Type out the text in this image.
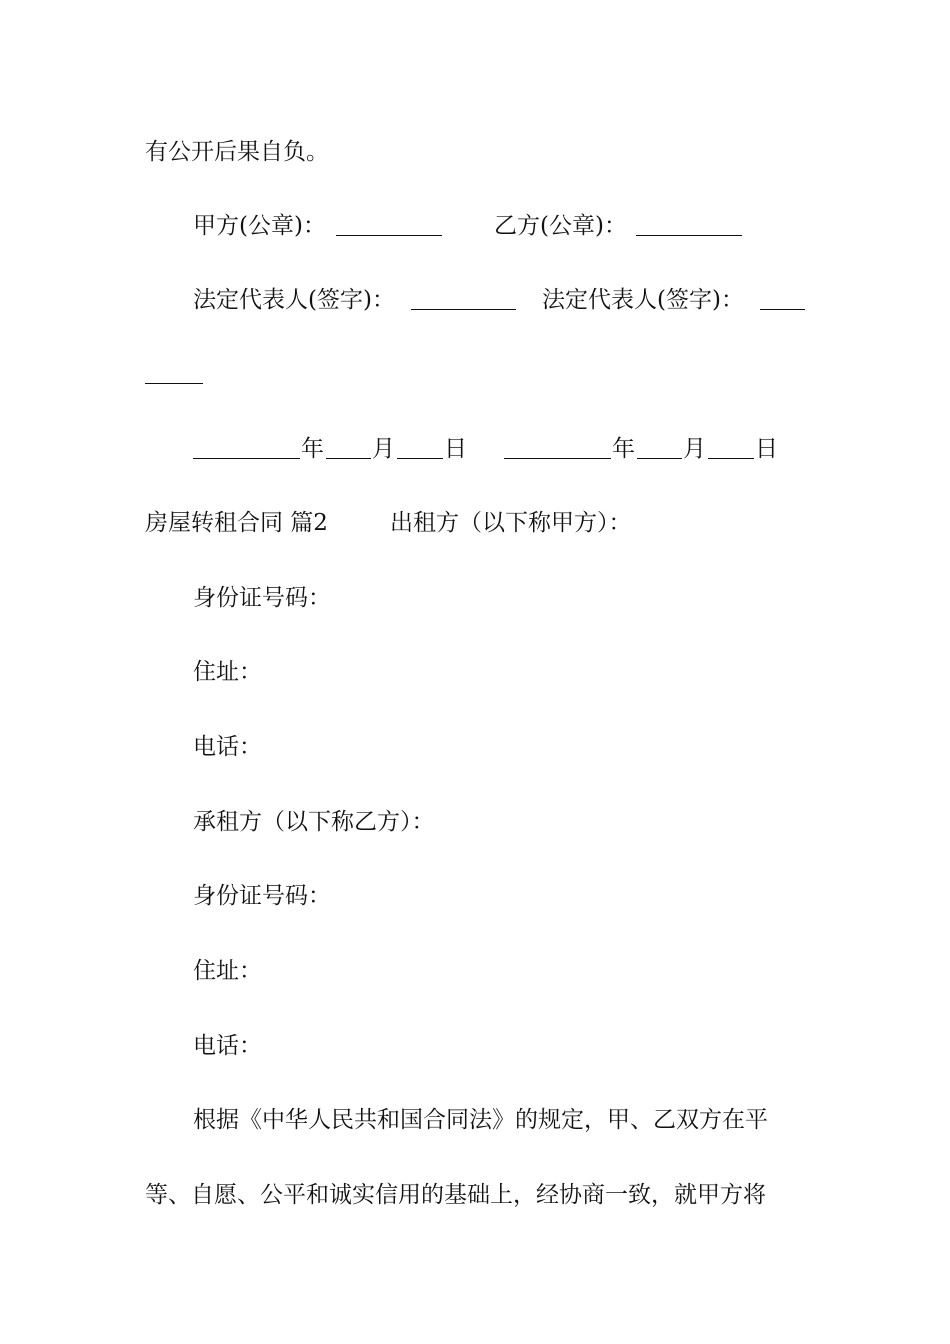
有公开后果自负。
甲方(公章)：	乙方(公章)：
法定代表人(签字)：	法定代表人(签字)：
年 月 日	年 月 日
房屋转租合同 篇2	出租方（以下称甲方）：
身份证号码：
住址：
电话：
承租方（以下称乙方）：
身份证号码：
住址：
电话：
根据《中华人民共和国合同法》的规定，甲、乙双方在平
等、自愿、公平和诚实信用的基础上，经协商一致，就甲方将
